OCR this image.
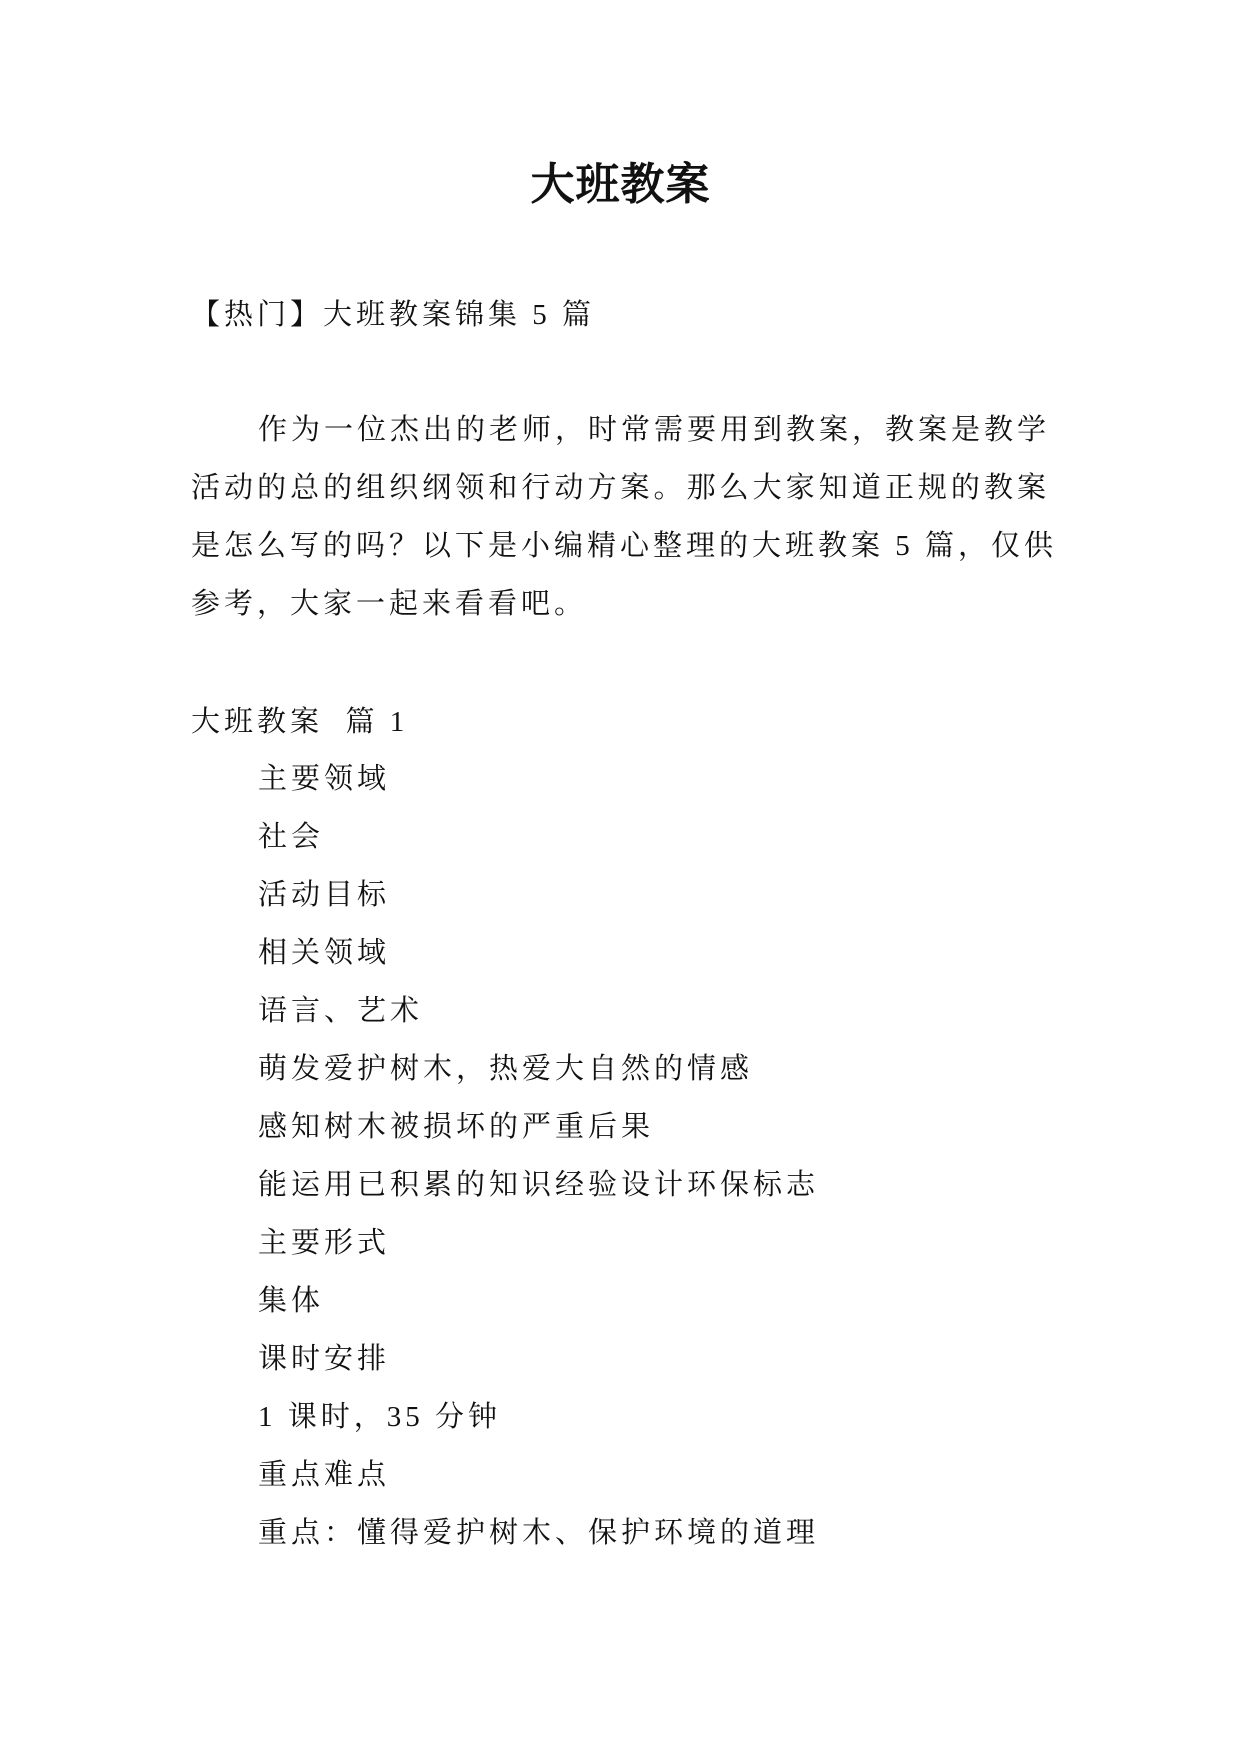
大班教案
【热门】大班教案锦集 5 篇
作为一位杰出的老师，时常需要用到教案，教案是教学
活动的总的组织纲领和行动方案。那么大家知道正规的教案
是怎么写的吗？以下是小编精心整理的大班教案 5 篇，仅供
参考，大家一起来看看吧。
大班教案  篇 1
主要领域
社会
活动目标
相关领域
语言、艺术
萌发爱护树木，热爱大自然的情感
感知树木被损坏的严重后果
能运用已积累的知识经验设计环保标志
主要形式
集体
课时安排
1 课时，35 分钟
重点难点
重点：懂得爱护树木、保护环境的道理
